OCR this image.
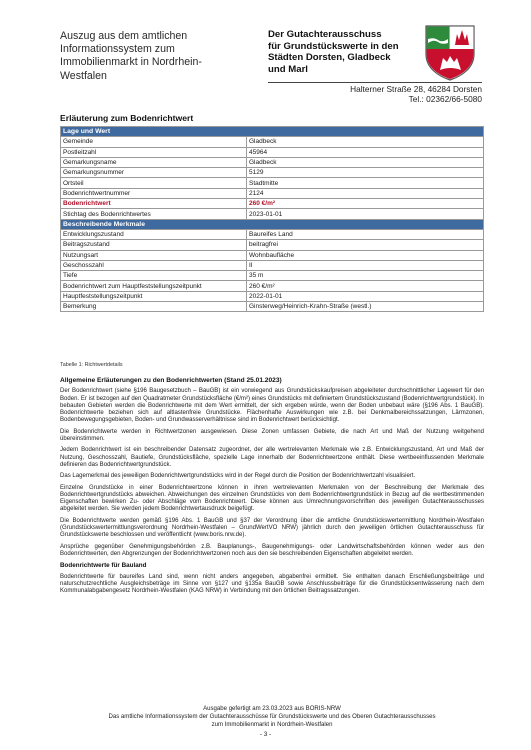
Auszug aus dem amtlichen
Informationssystem zum
Immobilienmarkt in Nordrhein-
Westfalen
Der Gutachterausschuss
für Grundstückswerte in den
Städten Dorsten, Gladbeck
und Marl
Halterner Straße 28, 46284 Dorsten
Tel.: 02362/66-5080
Erläuterung zum Bodenrichtwert
Lage und Wert	
Gemeinde	Gladbeck
Postleitzahl	45964
Gemarkungsname	Gladbeck
Gemarkungsnummer	5129
Ortsteil	Stadtmitte
Bodenrichtwertnummer	2124
Bodenrichtwert	260 €/m²
Stichtag des Bodenrichtwertes	2023-01-01
Beschreibende Merkmale	
Entwicklungszustand	Baureifes Land
Beitragszustand	beitragfrei
Nutzungsart	Wohnbaufläche
Geschosszahl	II
Tiefe	35 m
Bodenrichtwert zum Hauptfeststellungszeitpunkt	260 €/m²
Hauptfeststellungszeitpunkt	2022-01-01
Bemerkung	Ginsterweg/Heinrich-Krahn-Straße (westl.)
Tabelle 1: Richtwertdetails
Allgemeine Erläuterungen zu den Bodenrichtwerten (Stand 25.01.2023)

Der Bodenrichtwert (siehe §196 Baugesetzbuch – BauGB) ist ein vorwiegend aus Grundstückskaufpreisen abgeleiteter durchschnittlicher Lagewert für den Boden. Er ist bezogen auf den Quadratmeter Grundstücksfläche (€/m²) eines Grundstücks mit definiertem Grundstückszustand (Bodenrichtwertgrundstück). In bebauten Gebieten werden die Bodenrichtwerte mit dem Wert ermittelt, der sich ergeben würde, wenn der Boden unbebaut wäre (§196 Abs. 1 BauGB). Bodenrichtwerte beziehen sich auf altlastenfreie Grundstücke. Flächenhafte Auswirkungen wie z.B. bei Denkmalbereichssatzungen, Lärmzonen, Bodenbewegungsgebieten, Boden- und Grundwasserverhältnisse sind im Bodenrichtwert berücksichtigt.

Die Bodenrichtwerte werden in Richtwertzonen ausgewiesen. Diese Zonen umfassen Gebiete, die nach Art und Maß der Nutzung weitgehend übereinstimmen.

Jedem Bodenrichtwert ist ein beschreibender Datensatz zugeordnet, der alle wertrelevanten Merkmale wie z.B. Entwicklungszustand, Art und Maß der Nutzung, Geschosszahl, Bautiefe, Grundstücksfläche, spezielle Lage innerhalb der Bodenrichtwertzone enthält. Diese wertbeeinflussenden Merkmale definieren das Bodenrichtwertgrundstück.

Das Lagemerkmal des jeweiligen Bodenrichtwertgrundstücks wird in der Regel durch die Position der Bodenrichtwertzahl visualisiert.

Einzelne Grundstücke in einer Bodenrichtwertzone können in ihren wertrelevanten Merkmalen von der Beschreibung der Merkmale des Bodenrichtwertgrundstücks abweichen. Abweichungen des einzelnen Grundstücks von dem Bodenrichtwertgrundstück in Bezug auf die wertbestimmenden Eigenschaften bewirken Zu- oder Abschläge vom Bodenrichtwert. Diese können aus Umrechnungsvorschriften des jeweiligen Gutachterausschusses abgeleitet werden. Sie werden jedem Bodenrichtwertausdruck beigefügt.

Die Bodenrichtwerte werden gemäß §196 Abs. 1 BauGB und §37 der Verordnung über die amtliche Grundstückswertermittlung Nordrhein-Westfalen (Grundstückswertermittlungsverordnung Nordrhein-Westfalen – GrundWertVO NRW) jährlich durch den jeweiligen örtlichen Gutachterausschuss für Grundstückswerte beschlossen und veröffentlicht (www.boris.nrw.de).

Ansprüche gegenüber Genehmigungsbehörden z.B. Bauplanungs-, Baugenehmigungs- oder Landwirtschaftsbehörden können weder aus den Bodenrichtwerten, den Abgrenzungen der Bodenrichtwertzonen noch aus den sie beschreibenden Eigenschaften abgeleitet werden.

Bodenrichtwerte für Bauland

Bodenrichtwerte für baureifes Land sind, wenn nicht anders angegeben, abgabenfrei ermittelt. Sie enthalten danach Erschließungsbeiträge und naturschutzrechtliche Ausgleichsbeträge im Sinne von §127 und §135a BauGB sowie Anschlussbeiträge für die Grundstücksentwässerung nach dem Kommunalabgabengesetz Nordrhein-Westfalen (KAG NRW) in Verbindung mit den örtlichen Beitragssatzungen.

Ausgabe gefertigt am 23.03.2023 aus BORIS-NRW
Das amtliche Informationssystem der Gutachterausschüsse für Grundstückswerte und des Oberen Gutachterausschusses
zum Immobilienmarkt in Nordrhein-Westfalen
- 3 -
